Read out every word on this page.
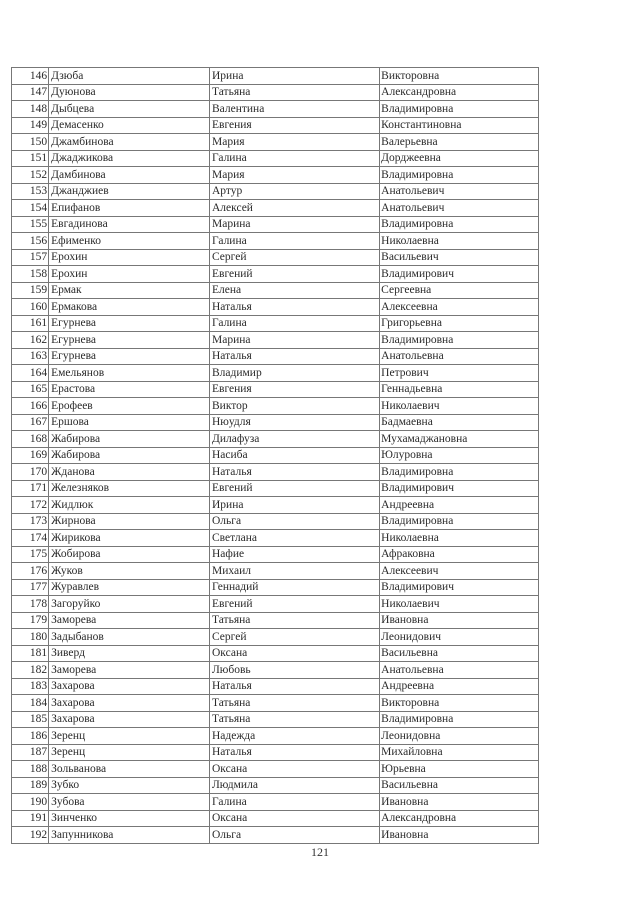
146	Дзюба	Ирина	Викторовна
147	Дуюнова	Татьяна	Александровна
148	Дыбцева	Валентина	Владимировна
149	Демасенко	Евгения	Константиновна
150	Джамбинова	Мария	Валерьевна
151	Джаджикова	Галина	Дорджеевна
152	Дамбинова	Мария	Владимировна
153	Джанджиев	Артур	Анатольевич
154	Епифанов	Алексей	Анатольевич
155	Евгадинова	Марина	Владимировна
156	Ефименко	Галина	Николаевна
157	Ерохин	Сергей	Васильевич
158	Ерохин	Евгений	Владимирович
159	Ермак	Елена	Сергеевна
160	Ермакова	Наталья	Алексеевна
161	Егурнева	Галина	Григорьевна
162	Егурнева	Марина	Владимировна
163	Егурнева	Наталья	Анатольевна
164	Емельянов	Владимир	Петрович
165	Ерастова	Евгения	Геннадьевна
166	Ерофеев	Виктор	Николаевич
167	Ершова	Нюудля	Бадмаевна
168	Жабирова	Дилафуза	Мухамаджановна
169	Жабирова	Насиба	Юлуровна
170	Жданова	Наталья	Владимировна
171	Железняков	Евгений	Владимирович
172	Жидлюк	Ирина	Андреевна
173	Жирнова	Ольга	Владимировна
174	Жирикова	Светлана	Николаевна
175	Жобирова	Нафие	Афраковна
176	Жуков	Михаил	Алексеевич
177	Журавлев	Геннадий	Владимирович
178	Загоруйко	Евгений	Николаевич
179	Заморева	Татьяна	Ивановна
180	Задыбанов	Сергей	Леонидович
181	Зиверд	Оксана	Васильевна
182	Заморева	Любовь	Анатольевна
183	Захарова	Наталья	Андреевна
184	Захарова	Татьяна	Викторовна
185	Захарова	Татьяна	Владимировна
186	Зеренц	Надежда	Леонидовна
187	Зеренц	Наталья	Михайловна
188	Зольванова	Оксана	Юрьевна
189	Зубко	Людмила	Васильевна
190	Зубова	Галина	Ивановна
191	Зинченко	Оксана	Александровна
192	Запунникова	Ольга	Ивановна
121
